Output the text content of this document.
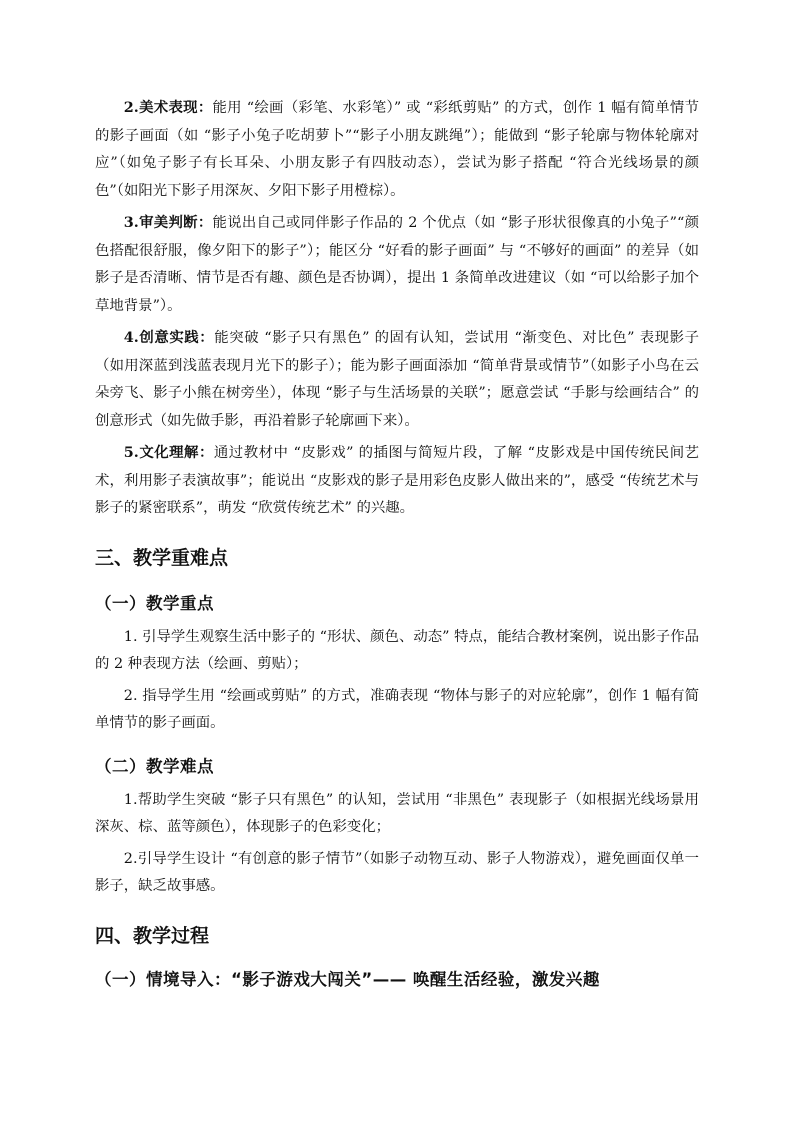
2.美术表现：能用 “绘画（彩笔、水彩笔）” 或 “彩纸剪贴” 的方式，创作 1 幅有简单情节的影子画面（如 “影子小兔子吃胡萝卜”“影子小朋友跳绳”）；能做到 “影子轮廓与物体轮廓对应”（如兔子影子有长耳朵、小朋友影子有四肢动态），尝试为影子搭配 “符合光线场景的颜色”（如阳光下影子用深灰、夕阳下影子用橙棕）。

3.审美判断：能说出自己或同伴影子作品的 2 个优点（如 “影子形状很像真的小兔子”“颜色搭配很舒服，像夕阳下的影子”）；能区分 “好看的影子画面” 与 “不够好的画面” 的差异（如影子是否清晰、情节是否有趣、颜色是否协调），提出 1 条简单改进建议（如 “可以给影子加个草地背景”）。

4.创意实践：能突破 “影子只有黑色” 的固有认知，尝试用 “渐变色、对比色” 表现影子（如用深蓝到浅蓝表现月光下的影子）；能为影子画面添加 “简单背景或情节”（如影子小鸟在云朵旁飞、影子小熊在树旁坐），体现 “影子与生活场景的关联”；愿意尝试 “手影与绘画结合” 的创意形式（如先做手影，再沿着影子轮廓画下来）。

5.文化理解：通过教材中 “皮影戏” 的插图与简短片段，了解 “皮影戏是中国传统民间艺术，利用影子表演故事”；能说出 “皮影戏的影子是用彩色皮影人做出来的”，感受 “传统艺术与影子的紧密联系”，萌发 “欣赏传统艺术” 的兴趣。

三、教学重难点
（一）教学重点

1. 引导学生观察生活中影子的 “形状、颜色、动态” 特点，能结合教材案例，说出影子作品的 2 种表现方法（绘画、剪贴）；

2. 指导学生用 “绘画或剪贴” 的方式，准确表现 “物体与影子的对应轮廓”，创作 1 幅有简单情节的影子画面。

（二）教学难点

1.帮助学生突破 “影子只有黑色” 的认知，尝试用 “非黑色” 表现影子（如根据光线场景用深灰、棕、蓝等颜色），体现影子的色彩变化；

2.引导学生设计 “有创意的影子情节”（如影子动物互动、影子人物游戏），避免画面仅单一影子，缺乏故事感。

四、教学过程
（一）情境导入：“影子游戏大闯关”—— 唤醒生活经验，激发兴趣
